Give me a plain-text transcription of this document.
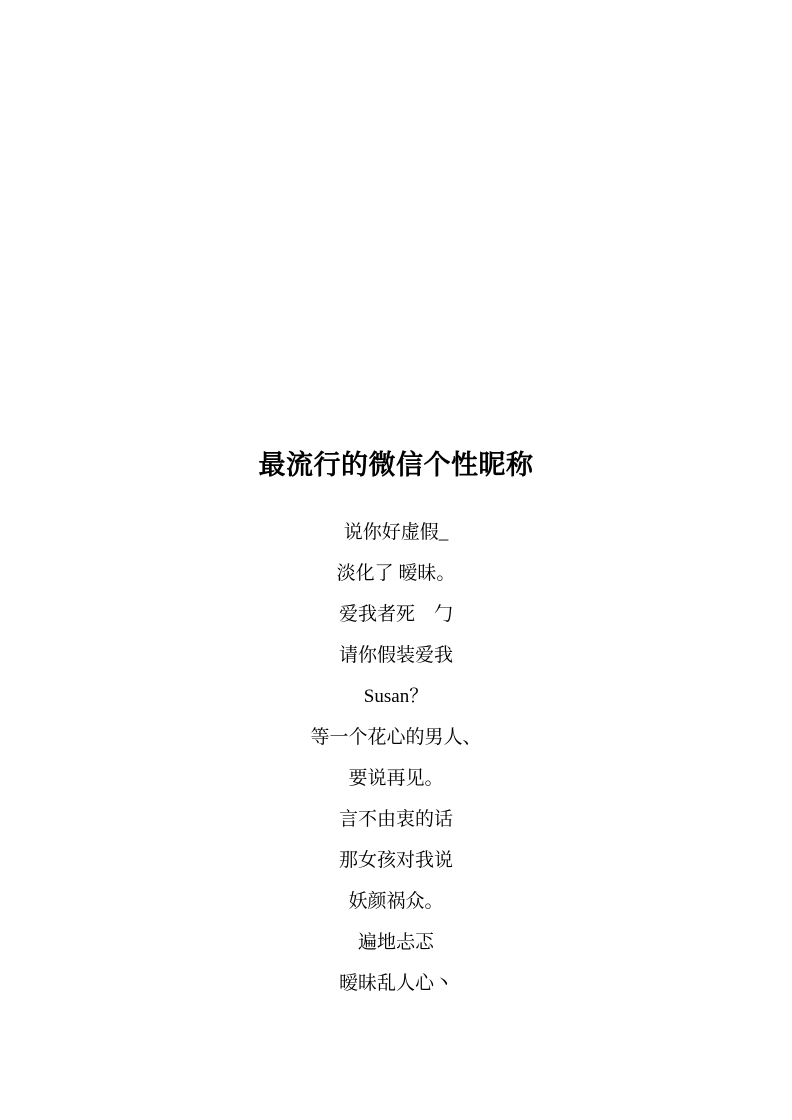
最流行的微信个性昵称
说你好虚假_
淡化了 暧昧。
爱我者死　勹
请你假装爱我
Susan？
等一个花心的男人、
要说再见。
言不由衷的话
那女孩对我说
妖颜祸众。
遍地忐忑
暧昧乱人心丶
